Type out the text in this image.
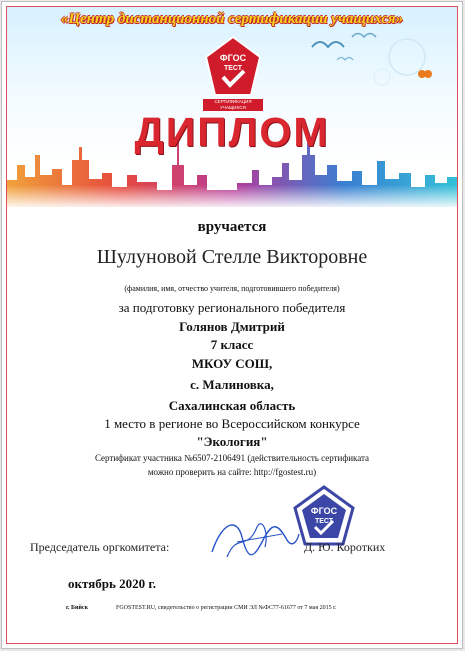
«Центр дистанционной сертификации учащихся»
ФГОС
ТЕСТ
СЕРТИФИКАЦИЯ УЧАЩИХСЯ
ДИПЛОМ
вручается
Шулуновой Стелле Викторовне
(фамилия, имя, отчество учителя, подготовившего победителя)
за подготовку регионального победителя
Голянов Дмитрий
7 класс
МКОУ СОШ,
с. Малиновка,
Сахалинская область
1 место в регионе во Всероссийском конкурсе
"Экология"
Сертификат участника №6507-2106491 (действительность сертификата
можно проверить на сайте: http://fgostest.ru)
ФГОС
ТЕСТ
Председатель оргкомитета:	Д. Ю. Коротких
октябрь 2020 г.
г. Бийск	FGOSTEST.RU, свидетельство о регистрации СМИ ЭЛ №ФС77-61677 от 7 мая 2015 г.
